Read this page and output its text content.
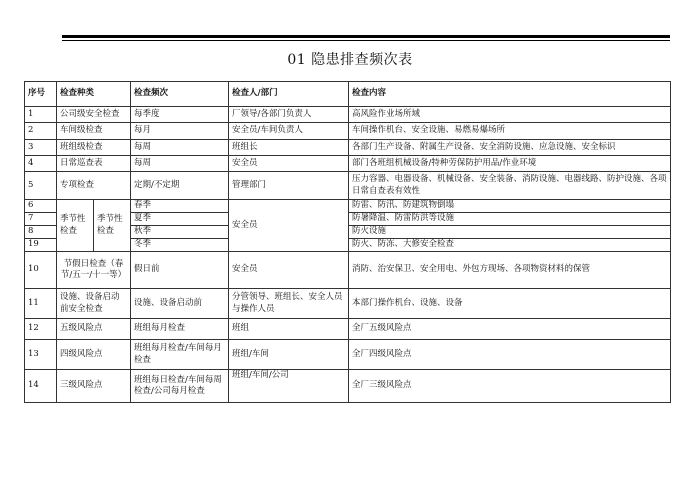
01 隐患排查频次表
序号	检查种类		检查频次	检查人/部门	检查内容
1	公司级安全检查		每季度	厂领导/各部门负责人	高风险作业场所域
2	车间级检查		每月	安全员/车间负责人	车间操作机台、安全设施、易燃易爆场所
3	班组级检查		每周	班组长	各部门生产设备、附属生产设备、安全消防设施、应急设施、安全标识
4	日常巡查表		每周	安全员	部门各班组机械设备/特种劳保防护用品/作业环境
5	专项检查		定期/不定期	管理部门	压力容器、电器设备、机械设备、安全装备、消防设施、电器线路、防护设施、各项日常自查表有效性
6	季节性检查	季节性检查	春季	安全员	防雷、防汛、防建筑物倒塌
7			夏季		防暑降温、防雷防洪等设施
8			秋季		防火设施
19			冬季		防火、防冻、大修安全检查
10	节假日检查（春节/五一/十一等）		假日前	安全员	消防、治安保卫、安全用电、外包方现场、各项物资材料的保管
11	设施、设备启动前安全检查		设施、设备启动前	分管领导、班组长、安全人员与操作人员	本部门操作机台、设施、设备
12	五级风险点		班组每月检查	班组	全厂五级风险点
13	四级风险点		班组每月检查/车间每月检查	班组/车间	全厂四级风险点
14	三级风险点		班组每日检查/车间每周检查/公司每月检查	班组/车间/公司	全厂三级风险点
